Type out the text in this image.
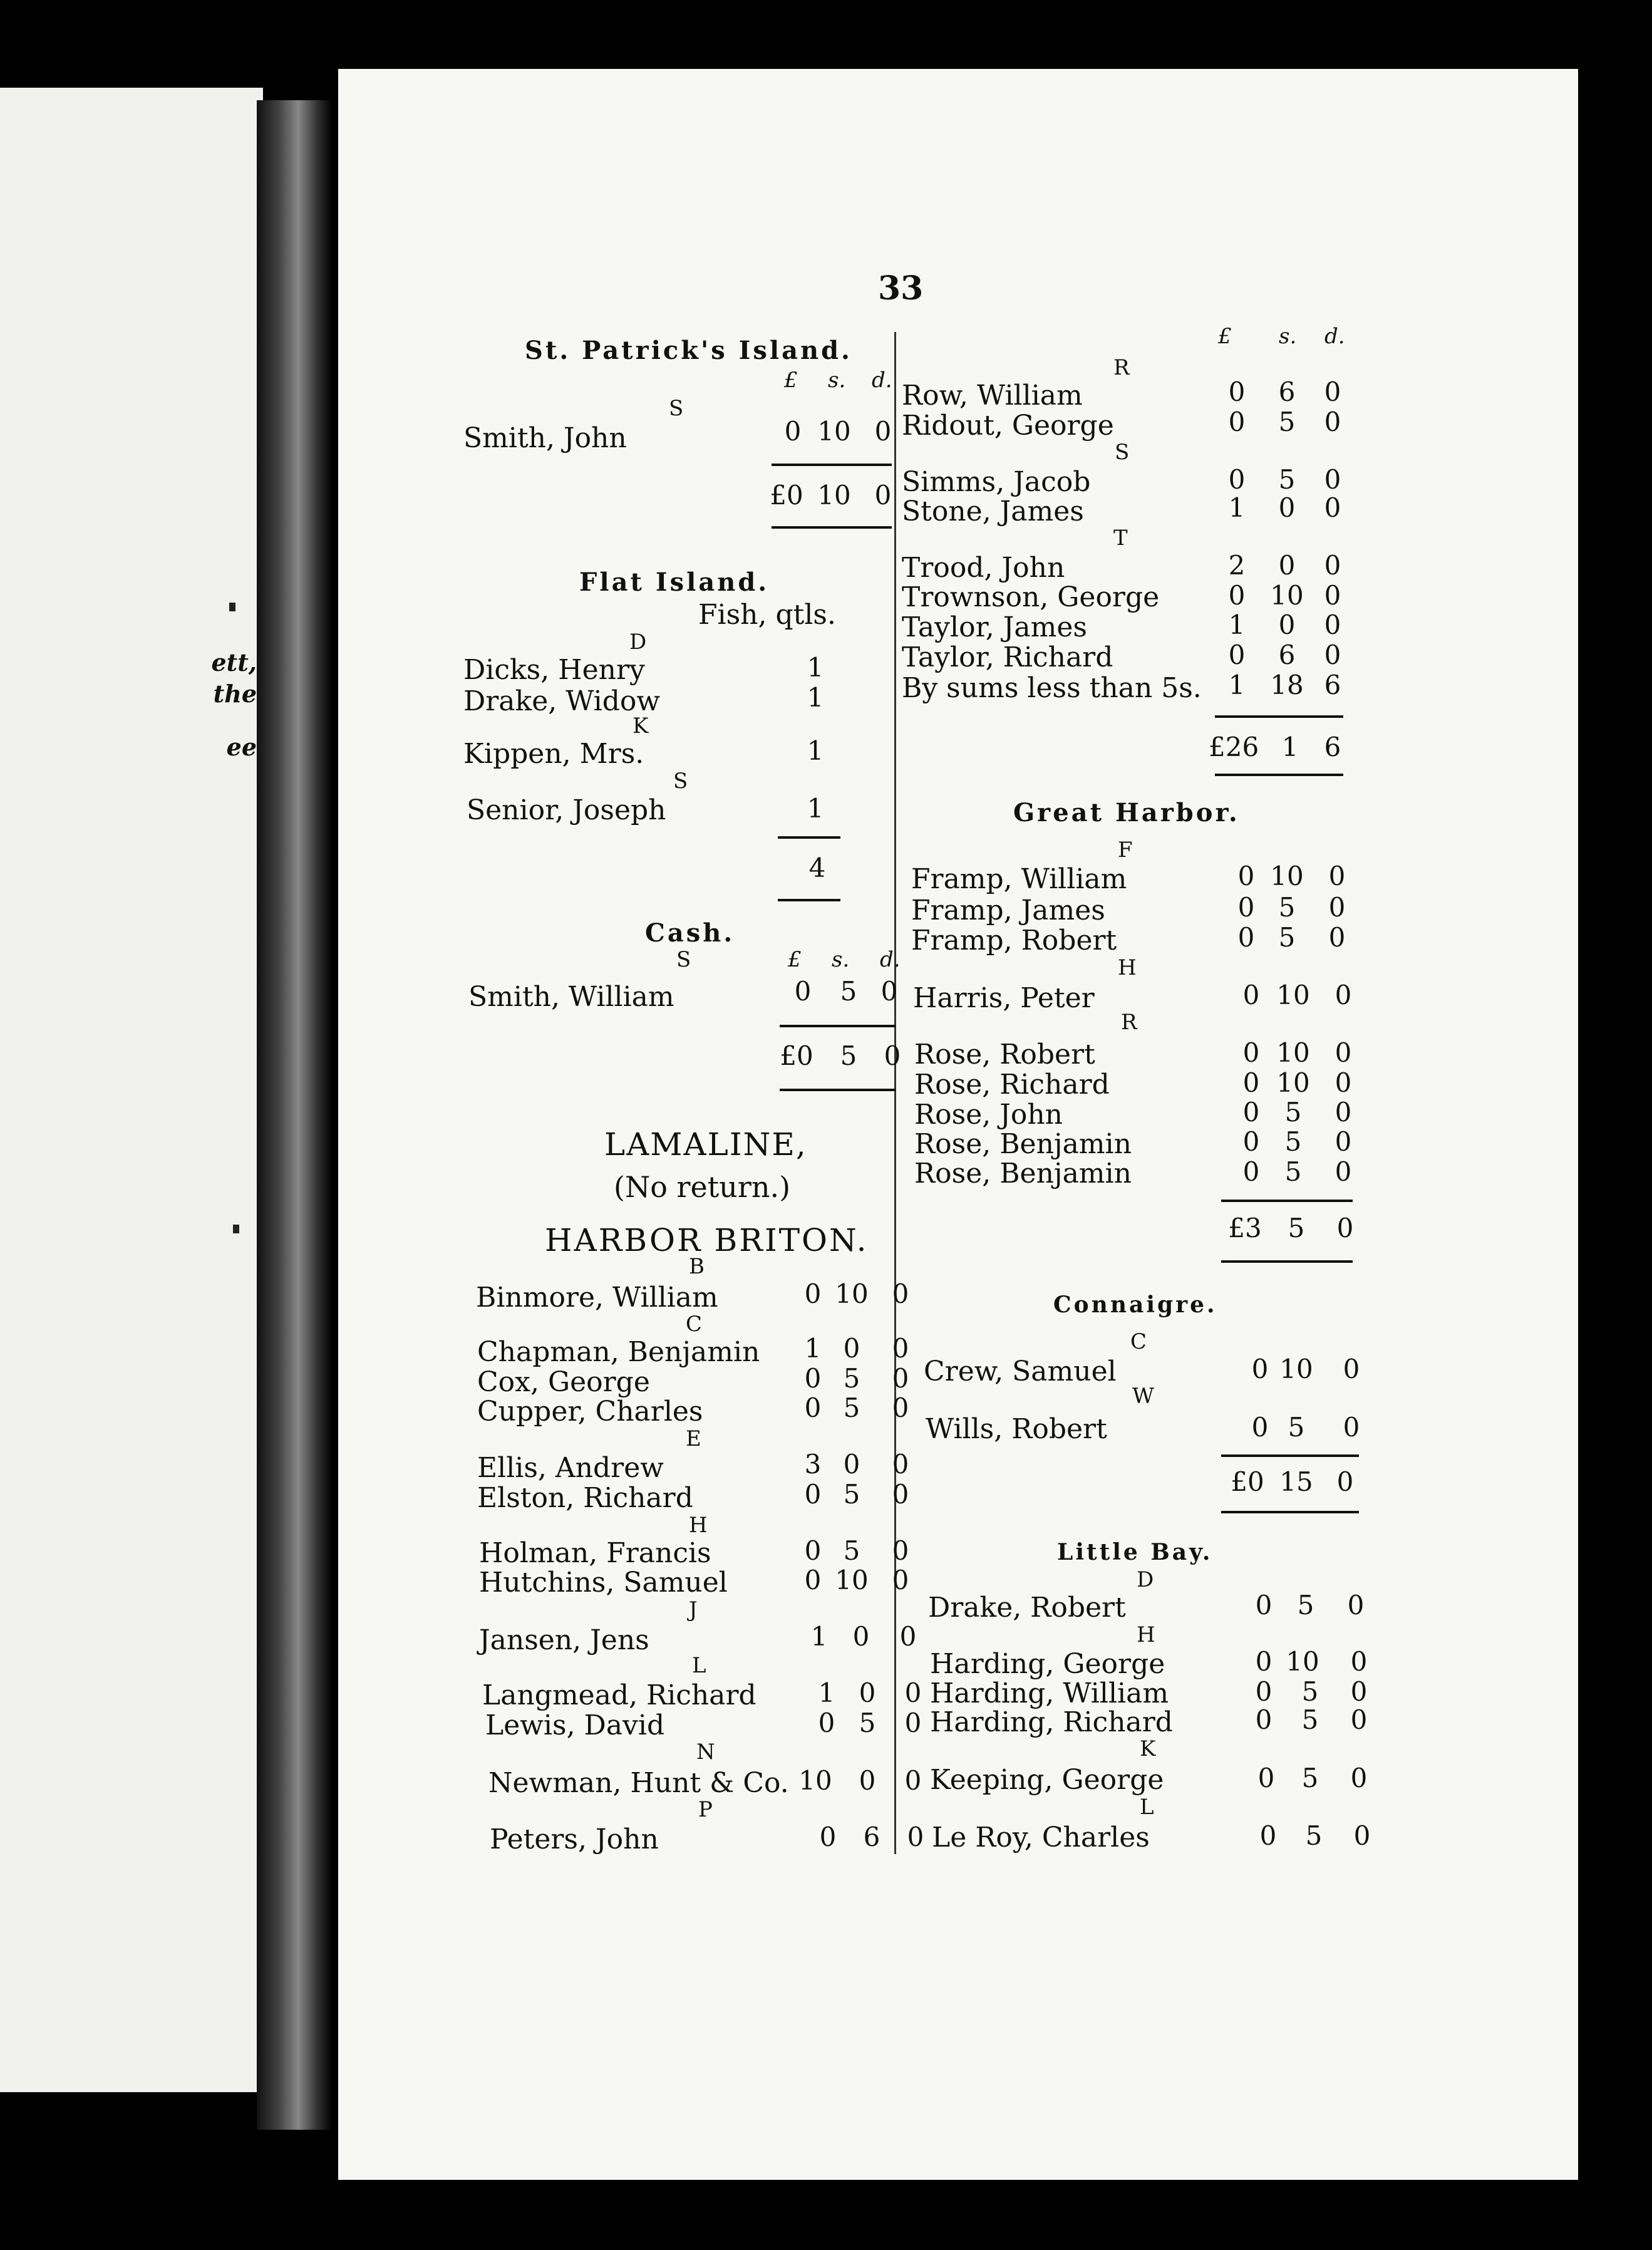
ett,
the
ee
33
St. Patrick's Island.
£ s. d.
S
Smith, John	0 10 0
£0 10 0
Flat Island.
Fish, qtls.
D
Dicks, Henry	1
Drake, Widow	1
K
Kippen, Mrs.	1
S
Senior, Joseph	1
4
Cash.
S	£ s. d.
Smith, William	0	5 0
£0	5	0
LAMALINE,
(No return.)
HARBOR BRITON.
B
Binmore, William	0 10 0
C
Chapman, Benjamin	1 0	0
Cox, George	0 5	0
Cupper, Charles	0 5	0
E
Ellis, Andrew	3 0	0
Elston, Richard	0 5	0
H
Holman, Francis	0 5	0
Hutchins, Samuel	0 10 0
J
Jansen, Jens	1 0	0
L
Langmead, Richard	1 0	0
Lewis, David	0 5	0
N
Newman, Hunt & Co. 10	0	0
P
Peters, John	0	6	0
£ s. d.
R
Row, William	0	6	0
Ridout, George	0	5	0
S
Simms, Jacob	0	5	0
Stone, James	1	0	0
T
Trood, John	2	0	0
Trownson, George	0 10 0
Taylor, James	1	0	0
Taylor, Richard	0	6	0
By sums less than 5s.	1 18 6
£26 1 6
Great Harbor.
F
Framp, William	0 10 0
Framp, James	0 5	0
Framp, Robert	0 5	0
H
Harris, Peter	0 10 0
R
Rose, Robert	0 10 0
Rose, Richard	0 10 0
Rose, John	0 5	0
Rose, Benjamin	0 5	0
Rose, Benjamin	0 5	0
£3 5	0
Connaigre.
C
Crew, Samuel	0 10	0
W
Wills, Robert	0 5	0
£0 15 0
Little Bay.
D
Drake, Robert	0 5	0
H
Harding, George	0 10	0
Harding, William	0	5	0
Harding, Richard	0	5	0
K
Keeping, George	0	5	0
L
Le Roy, Charles	0	5	0
